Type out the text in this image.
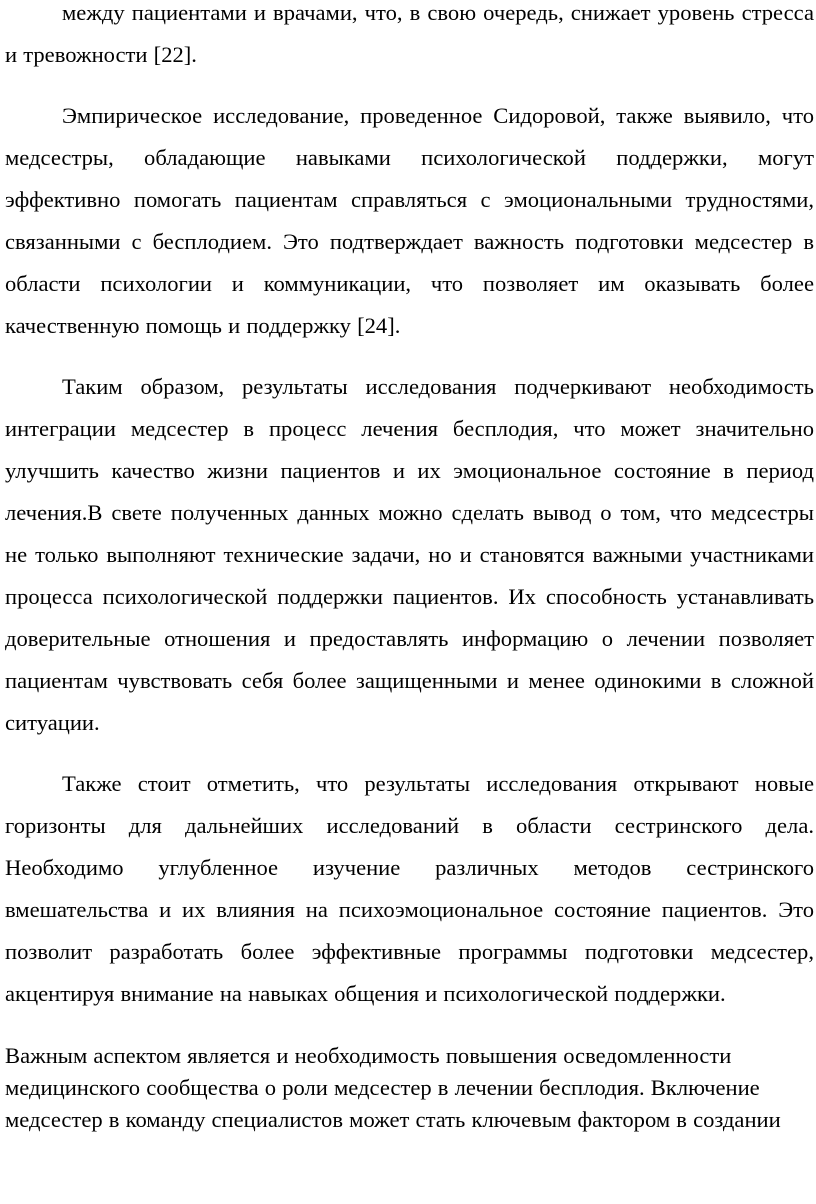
между пациентами и врачами, что, в свою очередь, снижает уровень стресса и тревожности [22].

Эмпирическое исследование, проведенное Сидоровой, также выявило, что медсестры, обладающие навыками психологической поддержки, могут эффективно помогать пациентам справляться с эмоциональными трудностями, связанными с бесплодием. Это подтверждает важность подготовки медсестер в области психологии и коммуникации, что позволяет им оказывать более качественную помощь и поддержку [24].

Таким образом, результаты исследования подчеркивают необходимость интеграции медсестер в процесс лечения бесплодия, что может значительно улучшить качество жизни пациентов и их эмоциональное состояние в период лечения.В свете полученных данных можно сделать вывод о том, что медсестры не только выполняют технические задачи, но и становятся важными участниками процесса психологической поддержки пациентов. Их способность устанавливать доверительные отношения и предоставлять информацию о лечении позволяет пациентам чувствовать себя более защищенными и менее одинокими в сложной ситуации.

Также стоит отметить, что результаты исследования открывают новые горизонты для дальнейших исследований в области сестринского дела. Необходимо углубленное изучение различных методов сестринского вмешательства и их влияния на психоэмоциональное состояние пациентов. Это позволит разработать более эффективные программы подготовки медсестер, акцентируя внимание на навыках общения и психологической поддержки.

Важным аспектом является и необходимость повышения осведомленности медицинского сообщества о роли медсестер в лечении бесплодия. Включение медсестер в команду специалистов может стать ключевым фактором в создании
